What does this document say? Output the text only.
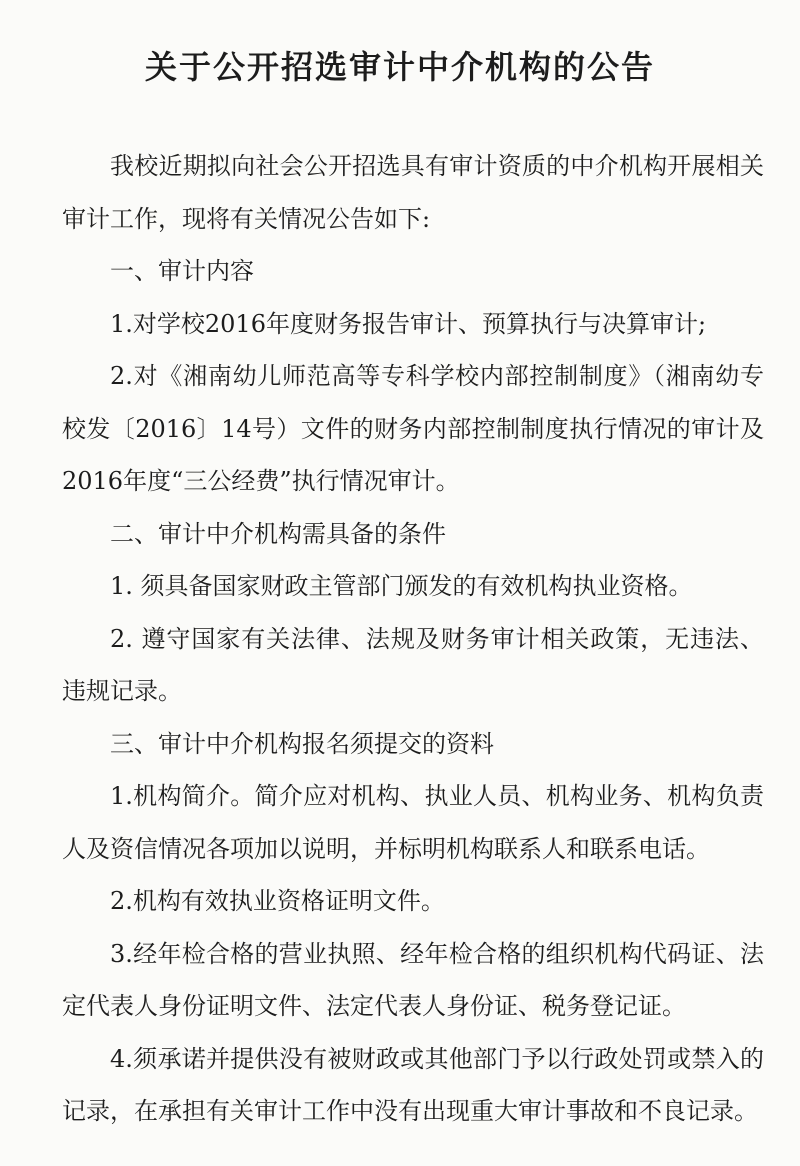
关于公开招选审计中介机构的公告

我校近期拟向社会公开招选具有审计资质的中介机构开展相关审计工作，现将有关情况公告如下:

一、审计内容

1.对学校2016年度财务报告审计、预算执行与决算审计;

2.对《湘南幼儿师范高等专科学校内部控制制度》（湘南幼专校发〔2016〕14号）文件的财务内部控制制度执行情况的审计及2016年度“三公经费”执行情况审计。

二、审计中介机构需具备的条件

1. 须具备国家财政主管部门颁发的有效机构执业资格。

2. 遵守国家有关法律、法规及财务审计相关政策，无违法、违规记录。

三、审计中介机构报名须提交的资料

1.机构简介。简介应对机构、执业人员、机构业务、机构负责人及资信情况各项加以说明，并标明机构联系人和联系电话。

2.机构有效执业资格证明文件。

3.经年检合格的营业执照、经年检合格的组织机构代码证、法定代表人身份证明文件、法定代表人身份证、税务登记证。

4.须承诺并提供没有被财政或其他部门予以行政处罚或禁入的记录，在承担有关审计工作中没有出现重大审计事故和不良记录。
